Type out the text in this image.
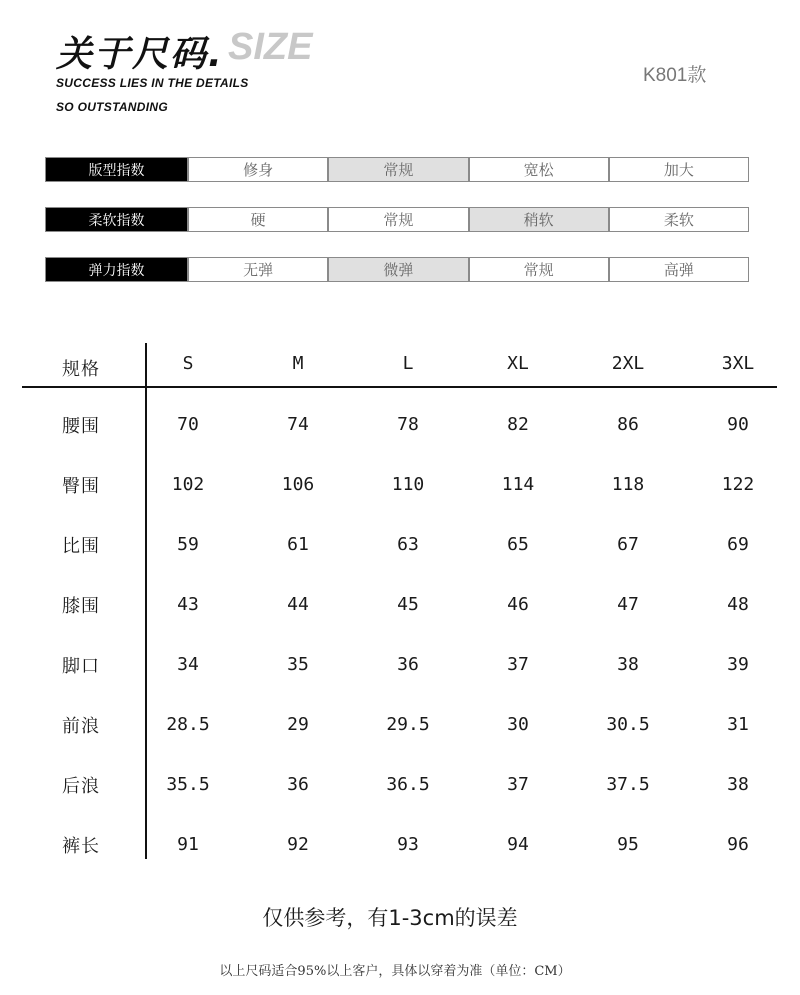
关于尺码. SIZE
SUCCESS LIES IN THE DETAILS
SO OUTSTANDING
K801款
版型指数	修身	常规	宽松	加大
柔软指数	硬	常规	稍软	柔软
弹力指数	无弹	微弹	常规	高弹
仅供参考，有1-3cm的误差
以上尺码适合95%以上客户，具体以穿着为准（单位：CM）
规格	S	M	L	XL	2XL	3XL
腰围	70	74	78	82	86	90
臀围	102	106	110	114	118	122
比围	59	61	63	65	67	69
膝围	43	44	45	46	47	48
脚口	34	35	36	37	38	39
前浪	28.5	29	29.5	30	30.5	31
后浪	35.5	36	36.5	37	37.5	38
裤长	91	92	93	94	95	96
